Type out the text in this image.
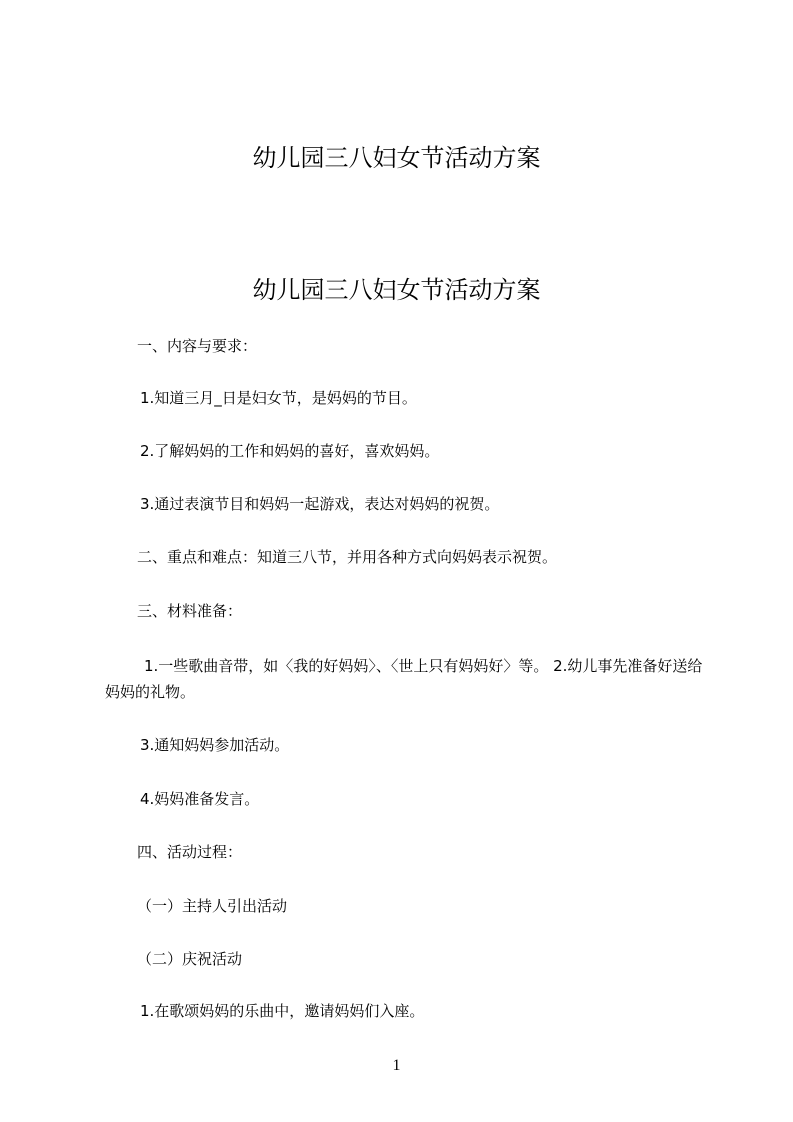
幼儿园三八妇女节活动方案
幼儿园三八妇女节活动方案
一、内容与要求：
1.知道三月_日是妇女节，是妈妈的节目。
2.了解妈妈的工作和妈妈的喜好，喜欢妈妈。
3.通过表演节目和妈妈一起游戏，表达对妈妈的祝贺。
二、重点和难点：知道三八节，并用各种方式向妈妈表示祝贺。
三、材料准备：
1.一些歌曲音带，如〈我的好妈妈〉、〈世上只有妈妈好〉等。 2.幼儿事先准备好送给妈妈的礼物。
3.通知妈妈参加活动。
4.妈妈准备发言。
四、活动过程：
（一）主持人引出活动
（二）庆祝活动
1.在歌颂妈妈的乐曲中，邀请妈妈们入座。
1
